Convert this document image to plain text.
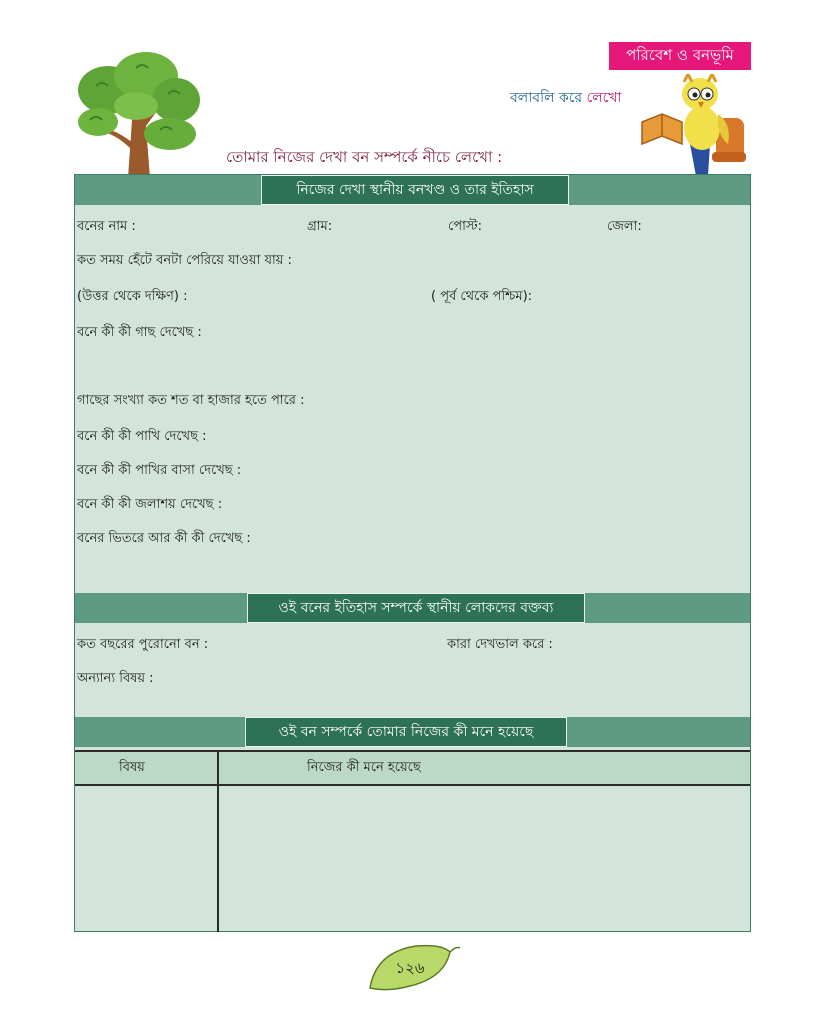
পরিবেশ ও বনভূমি
বলাবলি করে লেখো
তোমার নিজের দেখা বন সম্পর্কে নীচে লেখো :
নিজের দেখা স্থানীয় বনখণ্ড ও তার ইতিহাস
বনের নাম :	গ্রাম:	পোস্ট:	জেলা:
কত সময় হেঁটে বনটা পেরিয়ে যাওয়া যায় :
(উত্তর থেকে দক্ষিণ) :	( পূর্ব থেকে পশ্চিম):
বনে কী কী গাছ দেখেছ :
গাছের সংখ্যা কত শত বা হাজার হতে পারে :
বনে কী কী পাখি দেখেছ :
বনে কী কী পাখির বাসা দেখেছ :
বনে কী কী জলাশয় দেখেছ :
বনের ভিতরে আর কী কী দেখেছ :
ওই বনের ইতিহাস সম্পর্কে স্থানীয় লোকদের বক্তব্য
কত বছরের পুরোনো বন :	কারা দেখভাল করে :
অন্যান্য বিষয় :
ওই বন সম্পর্কে তোমার নিজের কী মনে হয়েছে
বিষয়	নিজের কী মনে হয়েছে
১২৬
